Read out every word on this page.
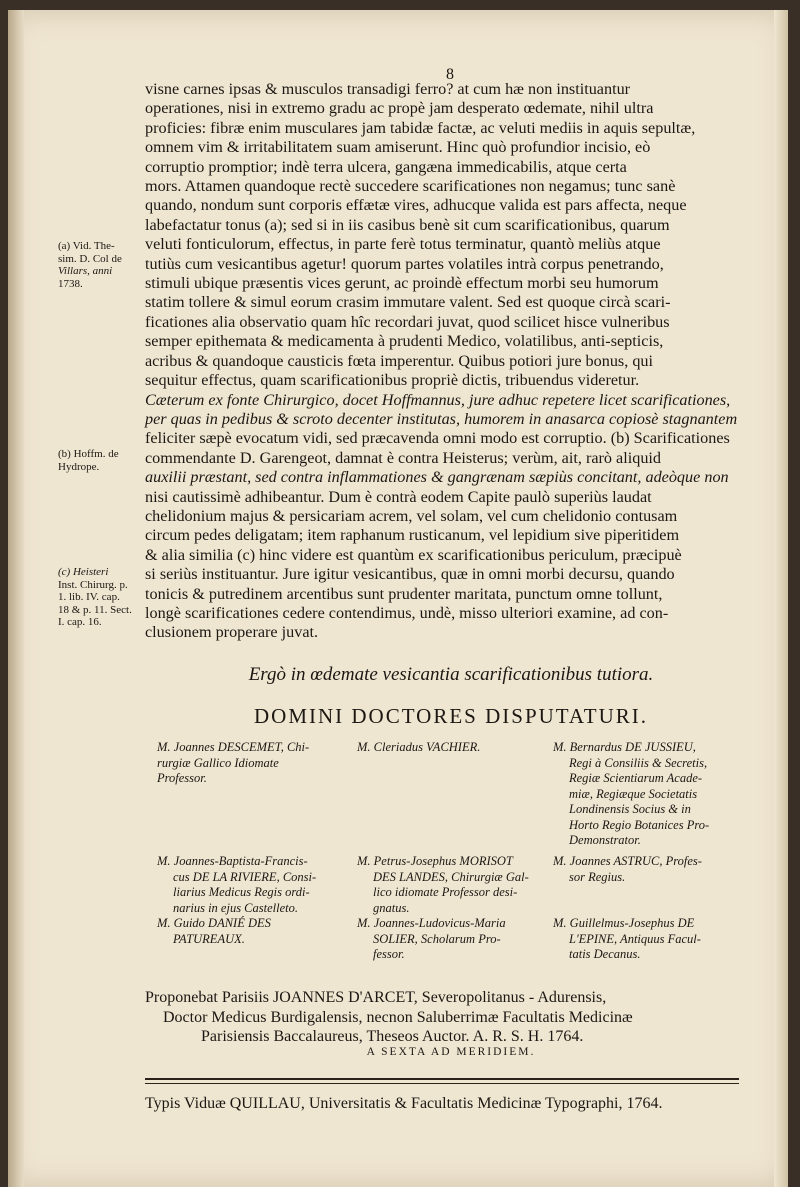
8

visne carnes ipsas & musculos transadigi ferro? at cum hæ non instituantur

operationes, nisi in extremo gradu ac propè jam desperato œdemate, nihil ultra

proficies: fibræ enim musculares jam tabidæ factæ, ac veluti mediis in aquis sepultæ,

omnem vim & irritabilitatem suam amiserunt. Hinc quò profundior incisio, eò

corruptio promptior; indè terra ulcera, gangæna immedicabilis, atque certa

mors. Attamen quandoque rectè succedere scarificationes non negamus; tunc sanè

quando, nondum sunt corporis effætæ vires, adhucque valida est pars affecta, neque

labefactatur tonus (a); sed si in iis casibus benè sit cum scarificationibus, quarum

veluti fonticulorum, effectus, in parte ferè totus terminatur, quantò meliùs atque

tutiùs cum vesicantibus agetur! quorum partes volatiles intrà corpus penetrando,

stimuli ubique præsentis vices gerunt, ac proindè effectum morbi seu humorum

statim tollere & simul eorum crasim immutare valent. Sed est quoque circà scari-

ficationes alia observatio quam hîc recordari juvat, quod scilicet hisce vulneribus

semper epithemata & medicamenta à prudenti Medico, volatilibus, anti-septicis,

acribus & quandoque causticis fœta imperentur. Quibus potiori jure bonus, qui

sequitur effectus, quam scarificationibus propriè dictis, tribuendus videretur.

Cæterum ex fonte Chirurgico, docet Hoffmannus, jure adhuc repetere licet scarificationes,

per quas in pedibus & scroto decenter institutas, humorem in anasarca copiosè stagnantem

feliciter sæpè evocatum vidi, sed præcavenda omni modo est corruptio. (b) Scarificationes

commendante D. Garengeot, damnat è contra Heisterus; verùm, ait, rarò aliquid

auxilii præstant, sed contra inflammationes & gangrænam sæpiùs concitant, adeòque non

nisi cautissimè adhibeantur. Dum è contrà eodem Capite paulò superiùs laudat

chelidonium majus & persicariam acrem, vel solam, vel cum chelidonio contusam

circum pedes deligatam; item raphanum rusticanum, vel lepidium sive piperitidem

& alia similia (c) hinc videre est quantùm ex scarificationibus periculum, præcipuè

si seriùs instituantur. Jure igitur vesicantibus, quæ in omni morbi decursu, quando

tonicis & putredinem arcentibus sunt prudenter maritata, punctum omne tollunt,

longè scarificationes cedere contendimus, undè, misso ulteriori examine, ad con-

clusionem properare juvat.

(a) Vid. The-
sim. D. Col de
Villars, anni
1738.
(b) Hoffm. de
Hydrope.
(c) Heisteri
Inst. Chirurg. p.
1. lib. IV. cap.
18 & p. 11. Sect.
I. cap. 16.
Ergò in œdemate vesicantia scarificationibus tutiora.
DOMINI DOCTORES DISPUTATURI.
M. Joannes DESCEMET, Chi-
rurgiæ Gallico Idiomate
Professor.
M. Cleriadus VACHIER.	M. Bernardus DE JUSSIEU,
Regi à Consiliis & Secretis,
Regiæ Scientiarum Acade-
miæ, Regiæque Societatis
Londinensis Socius & in
Horto Regio Botanices Pro-
Demonstrator.
M. Joannes-Baptista-Francis-
cus DE LA RIVIERE, Consi-
liarius Medicus Regis ordi-
narius in ejus Castelleto.
M. Petrus-Josephus MORISOT
DES LANDES, Chirurgiæ Gal-
lico idiomate Professor desi-
gnatus.
M. Joannes ASTRUC, Profes-
sor Regius.
M. Guido DANIÉ DES
PATUREAUX.
M. Joannes-Ludovicus-Maria
SOLIER, Scholarum Pro-
fessor.
M. Guillelmus-Josephus DE
L'EPINE, Antiquus Facul-
tatis Decanus.
Proponebat Parisiis JOANNES D'ARCET, Severopolitanus - Adurensis,
Doctor Medicus Burdigalensis, necnon Saluberrimæ Facultatis Medicinæ
Parisiensis Baccalaureus, Theseos Auctor. A. R. S. H. 1764.
A SEXTA AD MERIDIEM.
Typis Viduæ QUILLAU, Universitatis & Facultatis Medicinæ Typographi, 1764.
